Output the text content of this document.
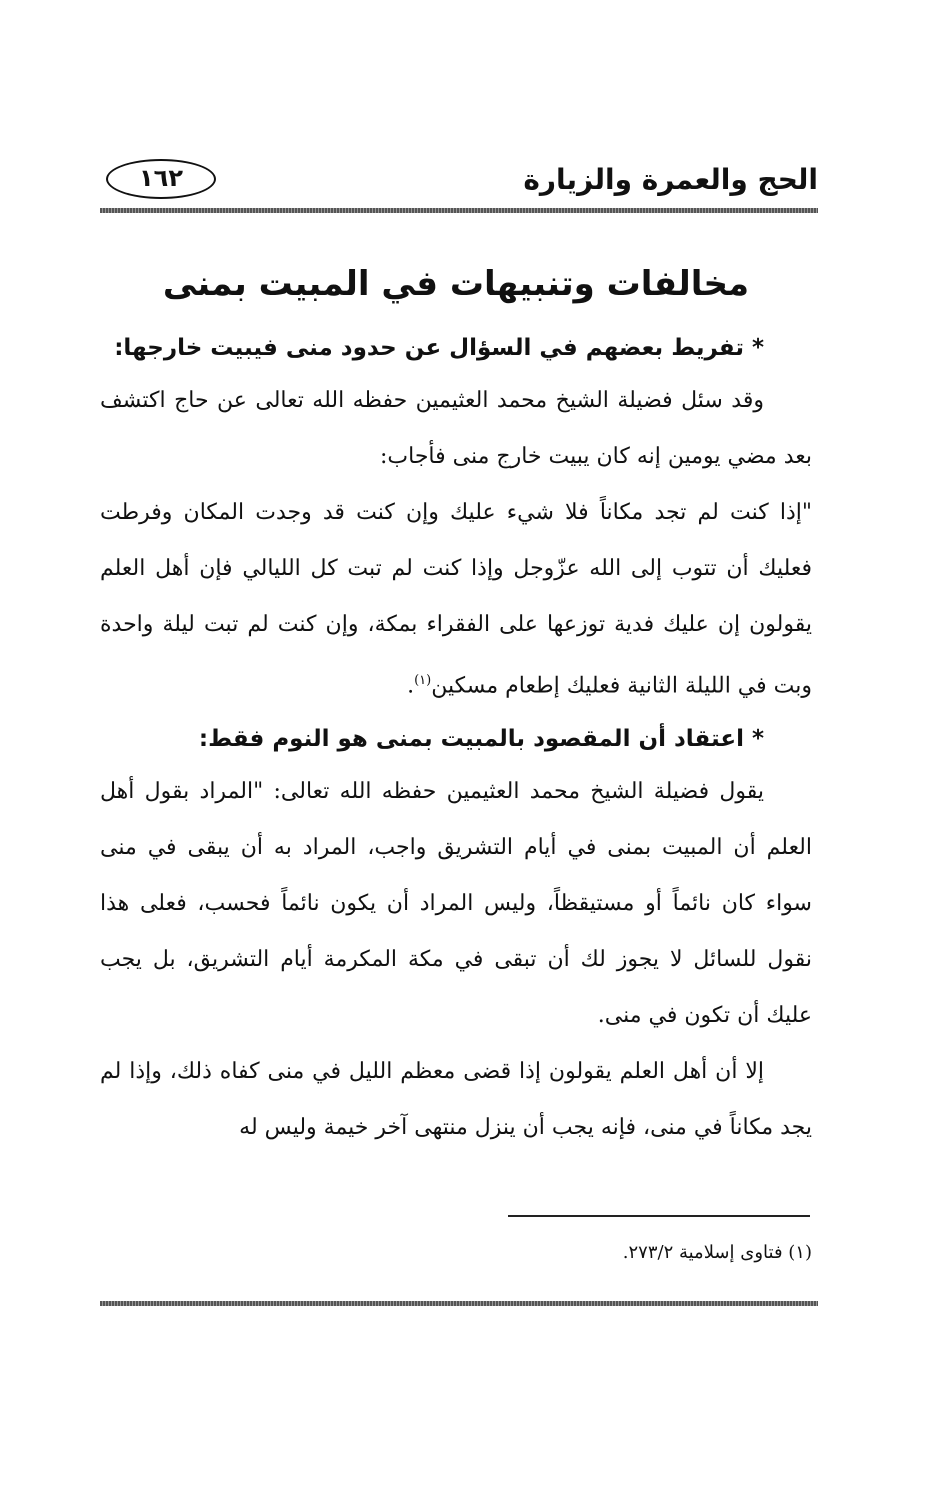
الحج والعمرة والزيارة
١٦٢
مخالفات وتنبيهات في المبيت بمنى

* تفريط بعضهم في السؤال عن حدود منى فيبيت خارجها:

وقد سئل فضيلة الشيخ محمد العثيمين حفظه الله تعالى عن حاج اكتشف بعد مضي يومين إنه كان يبيت خارج منى فأجاب:

"إذا كنت لم تجد مكاناً فلا شيء عليك وإن كنت قد وجدت المكان وفرطت فعليك أن تتوب إلى الله عزّوجل وإذا كنت لم تبت كل الليالي فإن أهل العلم يقولون إن عليك فدية توزعها على الفقراء بمكة، وإن كنت لم تبت ليلة واحدة وبت في الليلة الثانية فعليك إطعام مسكين$^{(١)}$.

* اعتقاد أن المقصود بالمبيت بمنى هو النوم فقط:

يقول فضيلة الشيخ محمد العثيمين حفظه الله تعالى: "المراد بقول أهل العلم أن المبيت بمنى في أيام التشريق واجب، المراد به أن يبقى في منى سواء كان نائماً أو مستيقظاً، وليس المراد أن يكون نائماً فحسب، فعلى هذا نقول للسائل لا يجوز لك أن تبقى في مكة المكرمة أيام التشريق، بل يجب عليك أن تكون في منى.

إلا أن أهل العلم يقولون إذا قضى معظم الليل في منى كفاه ذلك، وإذا لم يجد مكاناً في منى، فإنه يجب أن ينزل منتهى آخر خيمة وليس له

(١) فتاوى إسلامية ٢٧٣/٢.
